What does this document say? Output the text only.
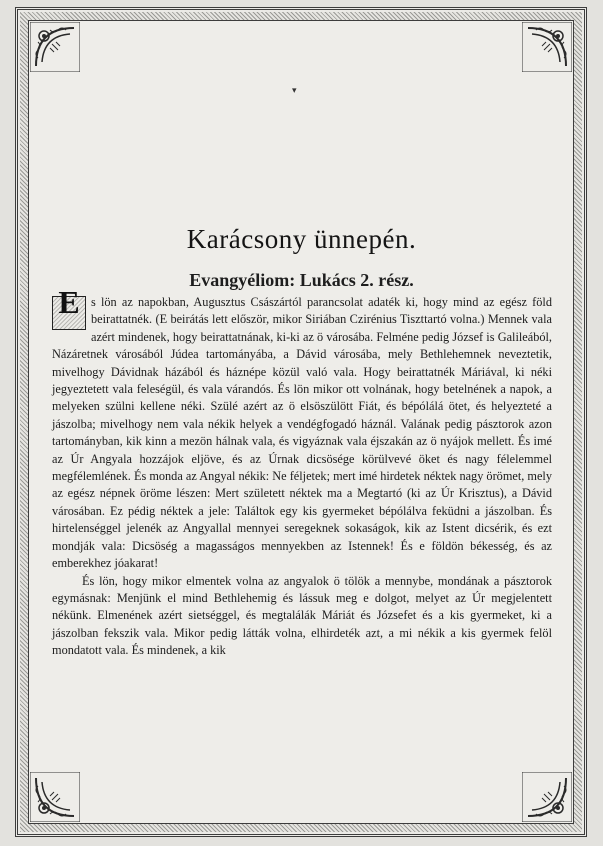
▾
Karácsony ünnepén.
Evangyéliom: Lukács 2. rész.

E s lön az napokban, Augusztus Császártól parancsolat adaték ki, hogy mind az egész föld beirattatnék. (E beirátás lett először, mikor Siriában Czirénius Tiszttartó volna.) Mennek vala azért mindenek, hogy beirattatnának, ki-ki az ö városába. Felméne pedig József is Galileából, Názáretnek városából Júdea tartományába, a Dávid városába, mely Bethlehemnek neveztetik, mivelhogy Dávidnak házából és háznépe közül való vala. Hogy beirattatnék Máriával, ki néki jegyeztetett vala feleségül, és vala várandós. És lön mikor ott volnának, hogy betelnének a napok, a melyeken szülni kellene néki. Szülé azért az ö elsöszülött Fiát, és bépólálá ötet, és helyezteté a jászolba; mivelhogy nem vala nékik helyek a vendégfogadó háznál. Valának pedig pásztorok azon tartományban, kik kinn a mezön hálnak vala, és vigyáznak vala éjszakán az ö nyájok mellett. És imé az Úr Angyala hozzájok eljöve, és az Úrnak dicsösége körülvevé öket és nagy félelemmel megfélemlének. És monda az Angyal nékik: Ne féljetek; mert imé hirdetek néktek nagy örömet, mely az egész népnek öröme lészen: Mert született néktek ma a Megtartó (ki az Úr Krisztus), a Dávid városában. Ez pédig néktek a jele: Találtok egy kis gyermeket bépólálva feküdni a jászolban. És hirtelenséggel jelenék az Angyallal mennyei seregeknek sokaságok, kik az Istent dicsérik, és ezt mondják vala: Dicsöség a magasságos mennyekben az Istennek! És e földön békesség, és az emberekhez jóakarat!

És lön, hogy mikor elmentek volna az angyalok ö tölök a mennybe, mondának a pásztorok egymásnak: Menjünk el mind Bethlehemig és lássuk meg e dolgot, melyet az Úr megjelentett nékünk. Elmenének azért sietséggel, és megtalálák Máriát és Józsefet és a kis gyermeket, ki a jászolban fekszik vala. Mikor pedig látták volna, elhirdeték azt, a mi nékik a kis gyermek felöl mondatott vala. És mindenek, a kik
